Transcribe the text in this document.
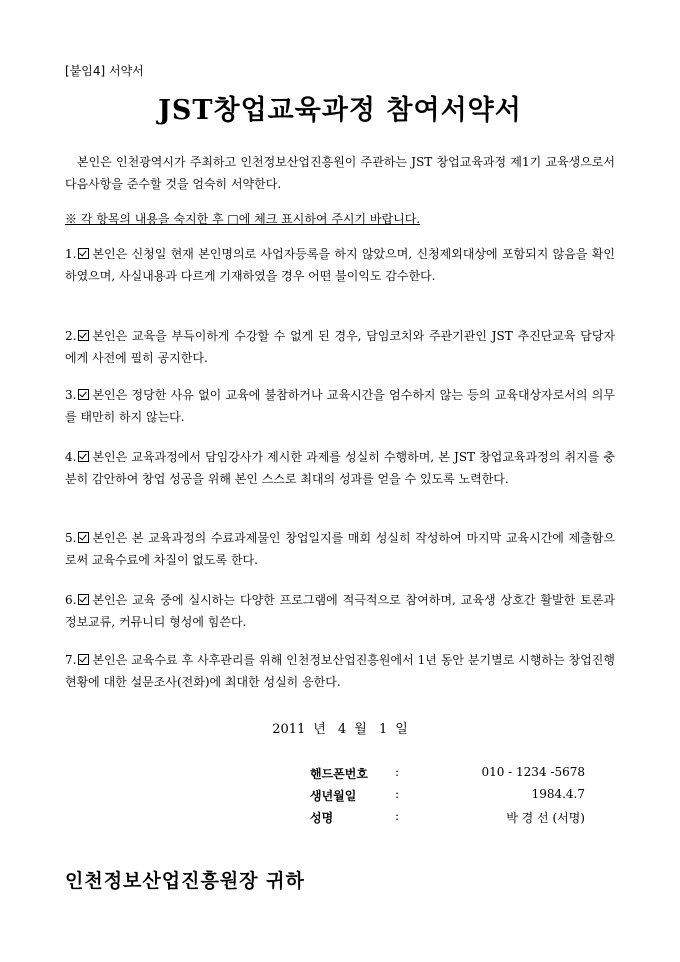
[붙임4] 서약서
JST창업교육과정 참여서약서
본인은 인천광역시가 주최하고 인천정보산업진흥원이 주관하는 JST 창업교육과정 제1기 교육생으로서 다음사항을 준수할 것을 엄숙히 서약한다.
※ 각 항목의 내용을 숙지한 후 □에 체크 표시하여 주시기 바랍니다.
1. 본인은 신청일 현재 본인명의로 사업자등록을 하지 않았으며, 신청제외대상에 포함되지 않음을 확인하였으며, 사실내용과 다르게 기재하였을 경우 어떤 불이익도 감수한다.
2. 본인은 교육을 부득이하게 수강할 수 없게 된 경우, 담임코치와 주관기관인 JST 추진단교육 담당자에게 사전에 필히 공지한다.
3. 본인은 정당한 사유 없이 교육에 불참하거나 교육시간을 엄수하지 않는 등의 교육대상자로서의 의무를 태만히 하지 않는다.
4. 본인은 교육과정에서 담임강사가 제시한 과제를 성실히 수행하며, 본 JST 창업교육과정의 취지를 충분히 감안하여 창업 성공을 위해 본인 스스로 최대의 성과를 얻을 수 있도록 노력한다.
5. 본인은 본 교육과정의 수료과제물인 창업일지를 매회 성실히 작성하여 마지막 교육시간에 제출함으로써 교육수료에 차질이 없도록 한다.
6. 본인은 교육 중에 실시하는 다양한 프로그램에 적극적으로 참여하며, 교육생 상호간 활발한 토론과 정보교류, 커뮤니티 형성에 힘쓴다.
7. 본인은 교육수료 후 사후관리를 위해 인천정보산업진흥원에서 1년 동안 분기별로 시행하는 창업진행현황에 대한 설문조사(전화)에 최대한 성실히 응한다.
2011 년 4 월 1 일
핸드폰번호	:	010 - 1234 -5678
생년월일	:	1984.4.7
성명	:	박 경 선 (서명)
인천정보산업진흥원장 귀하
